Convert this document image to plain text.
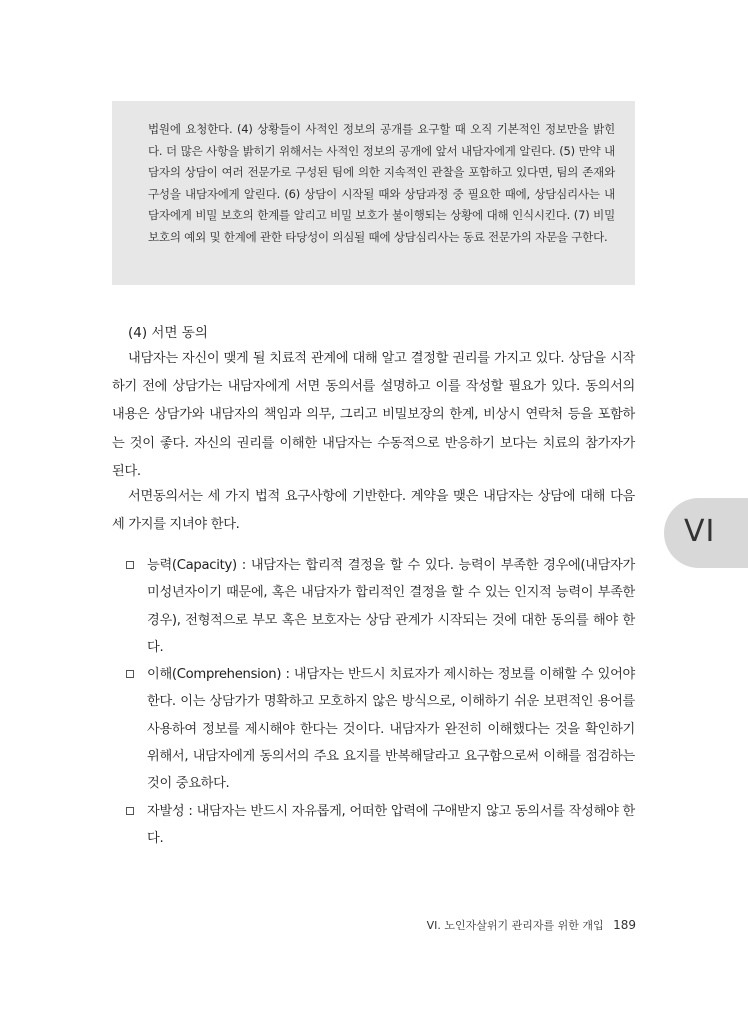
법원에 요청한다. (4) 상황들이 사적인 정보의 공개를 요구할 때 오직 기본적인 정보만을 밝힌다. 더 많은 사항을 밝히기 위해서는 사적인 정보의 공개에 앞서 내담자에게 알린다. (5) 만약 내담자의 상담이 여러 전문가로 구성된 팀에 의한 지속적인 관찰을 포함하고 있다면, 팀의 존재와 구성을 내담자에게 알린다. (6) 상담이 시작될 때와 상담과정 중 필요한 때에, 상담심리사는 내담자에게 비밀 보호의 한계를 알리고 비밀 보호가 불이행되는 상황에 대해 인식시킨다. (7) 비밀보호의 예외 및 한계에 관한 타당성이 의심될 때에 상담심리사는 동료 전문가의 자문을 구한다.

(4) 서면 동의

내담자는 자신이 맺게 될 치료적 관계에 대해 알고 결정할 권리를 가지고 있다. 상담을 시작하기 전에 상담가는 내담자에게 서면 동의서를 설명하고 이를 작성할 필요가 있다. 동의서의 내용은 상담가와 내담자의 책임과 의무, 그리고 비밀보장의 한계, 비상시 연락처 등을 포함하는 것이 좋다. 자신의 권리를 이해한 내담자는 수동적으로 반응하기 보다는 치료의 참가자가 된다.

서면동의서는 세 가지 법적 요구사항에 기반한다. 계약을 맺은 내담자는 상담에 대해 다음 세 가지를 지녀야 한다.

능력(Capacity) : 내담자는 합리적 결정을 할 수 있다. 능력이 부족한 경우에(내담자가 미성년자이기 때문에, 혹은 내담자가 합리적인 결정을 할 수 있는 인지적 능력이 부족한 경우), 전형적으로 부모 혹은 보호자는 상담 관계가 시작되는 것에 대한 동의를 해야 한다.
이해(Comprehension) : 내담자는 반드시 치료자가 제시하는 정보를 이해할 수 있어야 한다. 이는 상담가가 명확하고 모호하지 않은 방식으로, 이해하기 쉬운 보편적인 용어를 사용하여 정보를 제시해야 한다는 것이다. 내담자가 완전히 이해했다는 것을 확인하기 위해서, 내담자에게 동의서의 주요 요지를 반복해달라고 요구함으로써 이해를 점검하는 것이 중요하다.
자발성 : 내담자는 반드시 자유롭게, 어떠한 압력에 구애받지 않고 동의서를 작성해야 한다.
VI
VI. 노인자살위기 관리자를 위한 개입 189
